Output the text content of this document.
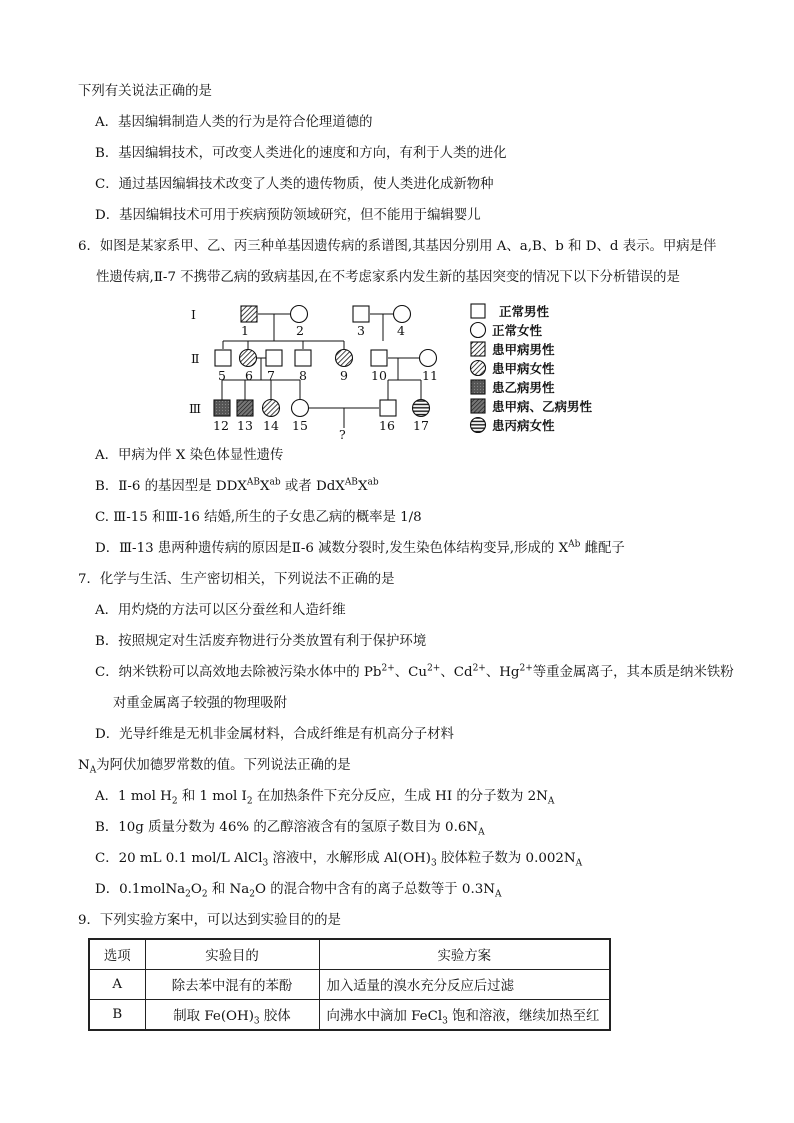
下列有关说法正确的是
A．基因编辑制造人类的行为是符合伦理道德的
B．基因编辑技术，可改变人类进化的速度和方向，有利于人类的进化
C．通过基因编辑技术改变了人类的遗传物质，使人类进化成新物种
D．基因编辑技术可用于疾病预防领域研究，但不能用于编辑婴儿
6．如图是某家系甲、乙、丙三种单基因遗传病的系谱图,其基因分别用 A、a,B、b 和 D、d 表示。甲病是伴
性遗传病,Ⅱ-7 不携带乙病的致病基因,在不考虑家系内发生新的基因突变的情况下以下分析错误的是
Ⅰ
Ⅱ
Ⅲ
1	2	3	4
5 6 7 8	9 10	11
12 13 14 15	16 17
?
正常男性
正常女性
患甲病男性
患甲病女性
患乙病男性
患甲病、乙病男性
患丙病女性
A．甲病为伴 X 染色体显性遗传
B．Ⅱ-6 的基因型是 $DDX^{AB}X^{ab}$ 或者 $DdX^{AB}X^{ab}$
C. Ⅲ-15 和Ⅲ-16 结婚,所生的子女患乙病的概率是 1/8
D．Ⅲ-13 患两种遗传病的原因是Ⅱ-6 减数分裂时,发生染色体结构变异,形成的 $X^{Ab}$ 雌配子
7．化学与生活、生产密切相关，下列说法不正确的是
A．用灼烧的方法可以区分蚕丝和人造纤维
B．按照规定对生活废弃物进行分类放置有利于保护环境
C．纳米铁粉可以高效地去除被污染水体中的 $Pb^{2+}$、$Cu^{2+}$、$Cd^{2+}$、$Hg^{2+}$等重金属离子，其本质是纳米铁粉
对重金属离子较强的物理吸附
D．光导纤维是无机非金属材料，合成纤维是有机高分子材料
$N_A$为阿伏加德罗常数的值。下列说法正确的是
A．1 mol $H_2$ 和 1 mol $I_2$ 在加热条件下充分反应，生成 HI 的分子数为 $2N_A$
B．10g 质量分数为 46% 的乙醇溶液含有的氢原子数目为 $0.6N_A$
C．20 mL 0.1 mol/L AlCl$_3$ 溶液中，水解形成 $Al(OH)_3$ 胶体粒子数为 $0.002N_A$
D．$0.1molNa_2O_2$ 和 $Na_2O$ 的混合物中含有的离子总数等于 $0.3N_A$
9．下列实验方案中，可以达到实验目的的是
选项	实验目的	实验方案
A	除去苯中混有的苯酚	加入适量的溴水充分反应后过滤
B	制取 $Fe(OH)_3$ 胶体	向沸水中滴加 FeCl$_3$ 饱和溶液，继续加热至红
